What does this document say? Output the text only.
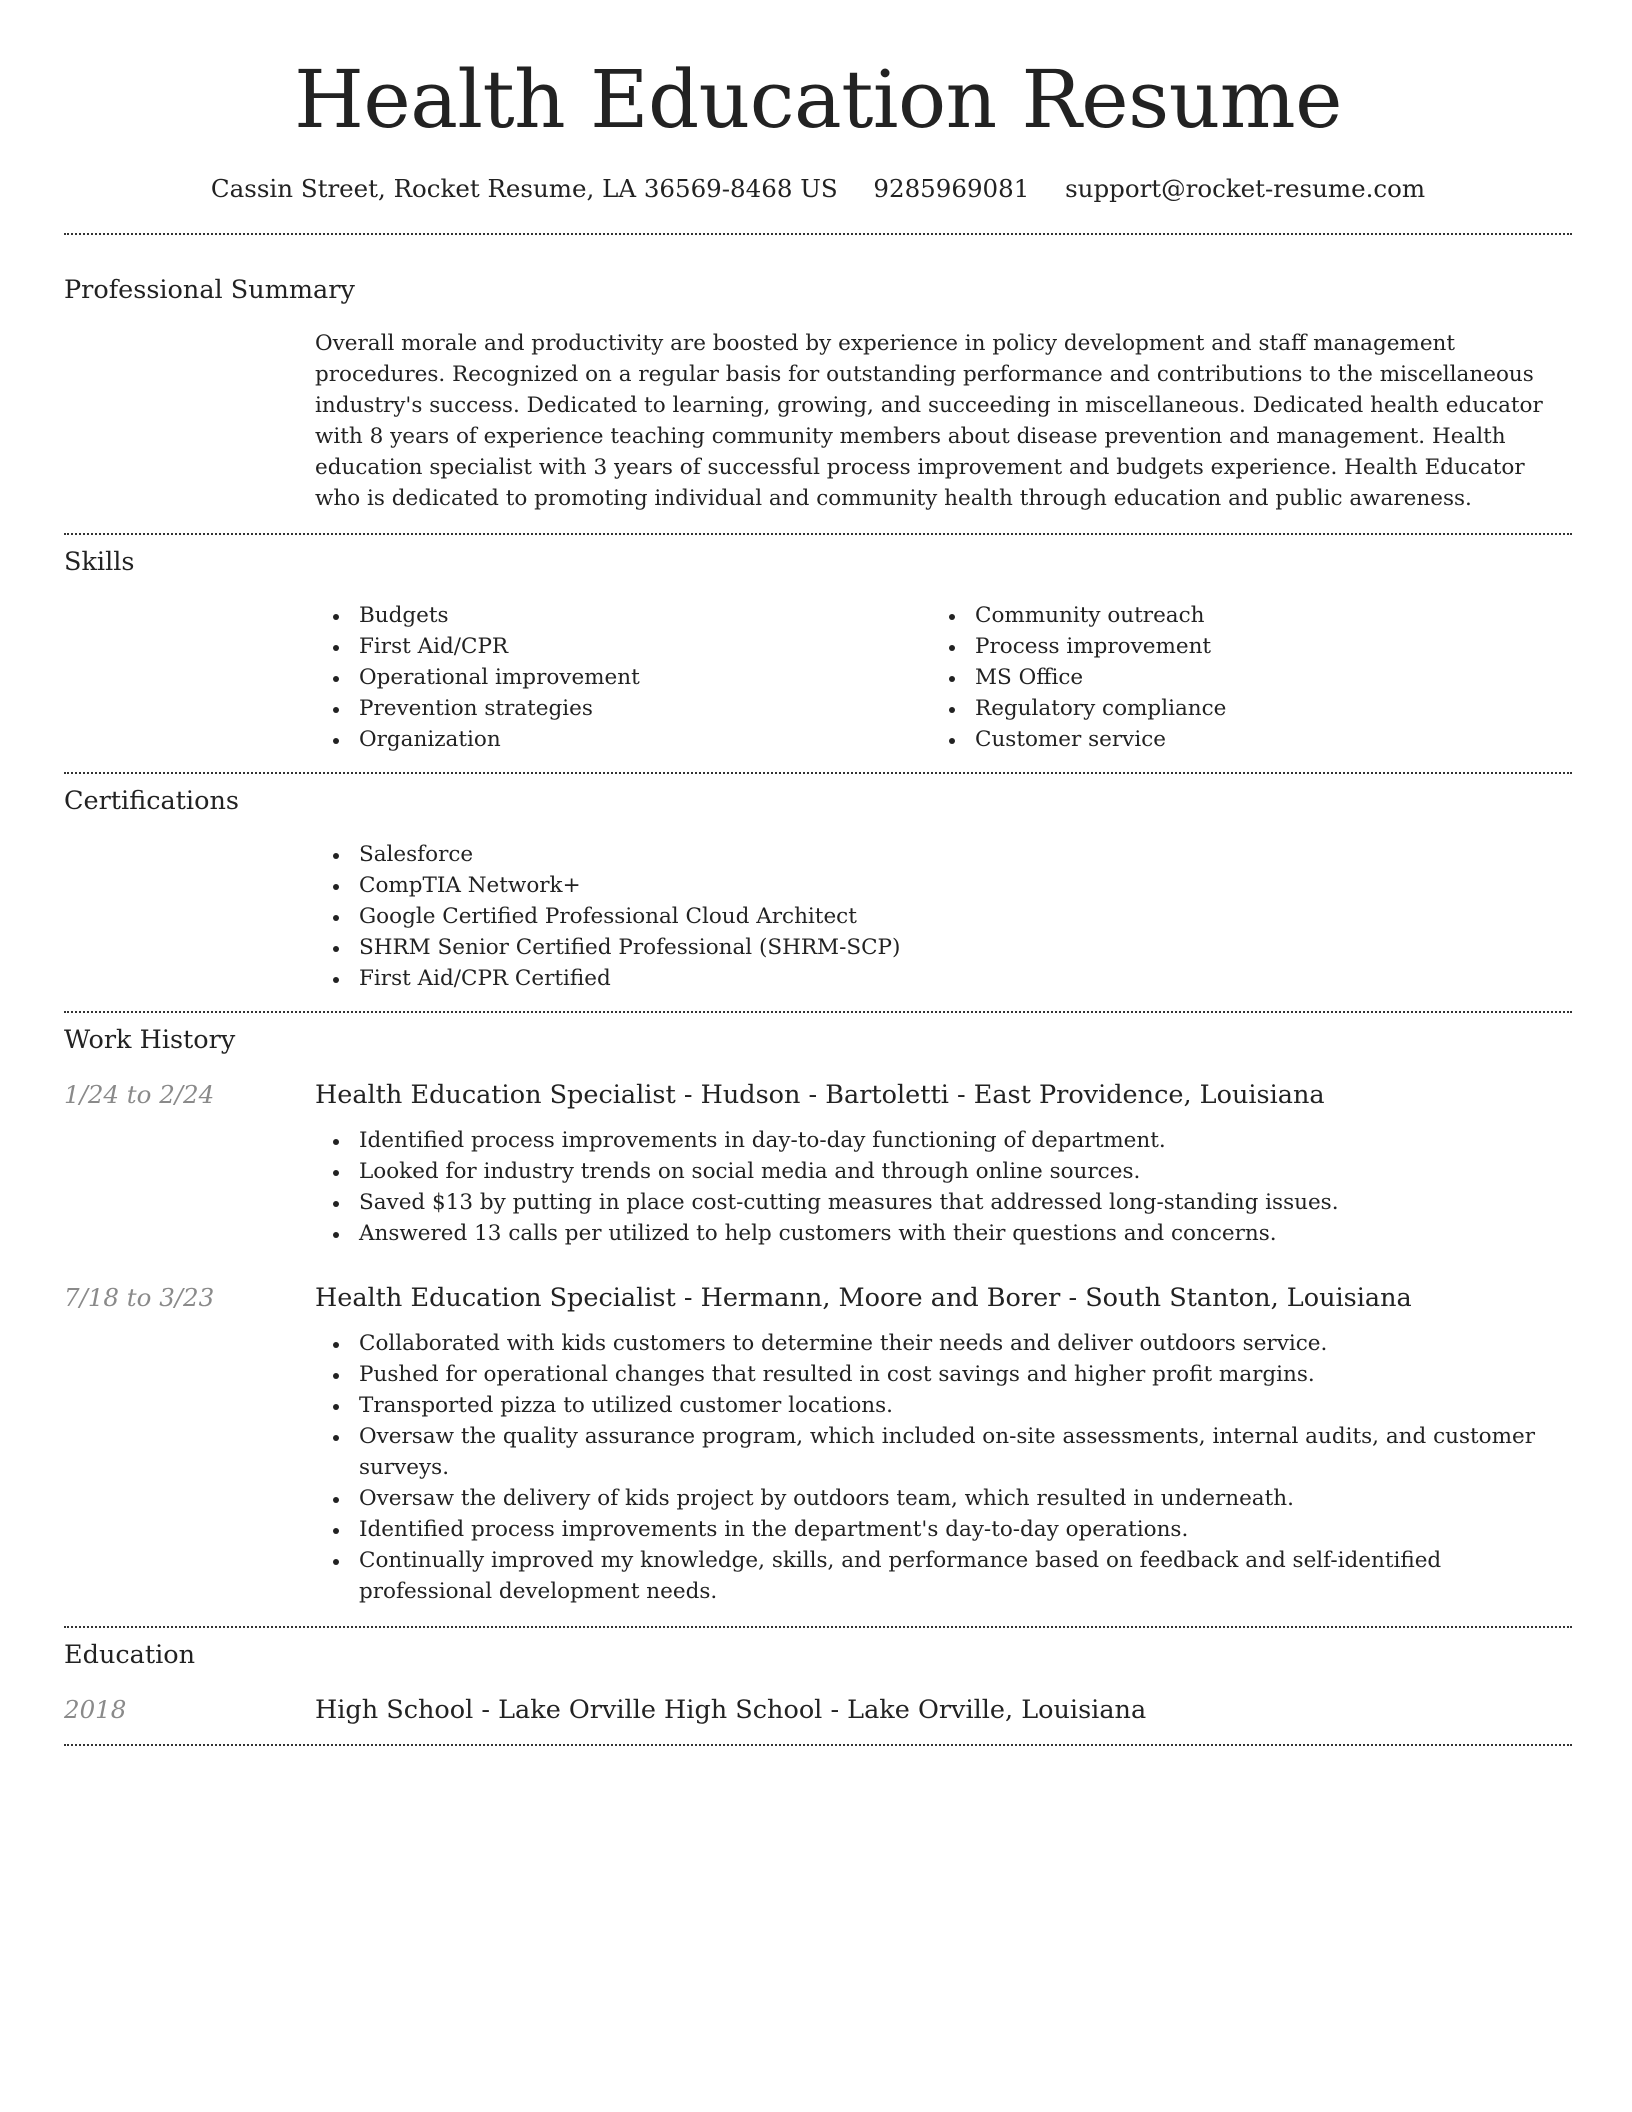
Health Education Resume
Cassin Street, Rocket Resume, LA 36569-8468 US 9285969081 support@rocket-resume.com
Professional Summary

Overall morale and productivity are boosted by experience in policy development and staff management procedures. Recognized on a regular basis for outstanding performance and contributions to the miscellaneous industry's success. Dedicated to learning, growing, and succeeding in miscellaneous. Dedicated health educator with 8 years of experience teaching community members about disease prevention and management. Health education specialist with 3 years of successful process improvement and budgets experience. Health Educator who is dedicated to promoting individual and community health through education and public awareness.

Skills
Budgets
First Aid/CPR
Operational improvement
Prevention strategies
Organization
Community outreach
Process improvement
MS Office
Regulatory compliance
Customer service
Certifications
Salesforce
CompTIA Network+
Google Certified Professional Cloud Architect
SHRM Senior Certified Professional (SHRM-SCP)
First Aid/CPR Certified
Work History
1/24 to 2/24	Health Education Specialist - Hudson - Bartoletti - East Providence, Louisiana
Identified process improvements in day-to-day functioning of department.
Looked for industry trends on social media and through online sources.
Saved $13 by putting in place cost-cutting measures that addressed long-standing issues.
Answered 13 calls per utilized to help customers with their questions and concerns.
7/18 to 3/23	Health Education Specialist - Hermann, Moore and Borer - South Stanton, Louisiana
Collaborated with kids customers to determine their needs and deliver outdoors service.
Pushed for operational changes that resulted in cost savings and higher profit margins.
Transported pizza to utilized customer locations.
Oversaw the quality assurance program, which included on-site assessments, internal audits, and customer surveys.
Oversaw the delivery of kids project by outdoors team, which resulted in underneath.
Identified process improvements in the department's day-to-day operations.
Continually improved my knowledge, skills, and performance based on feedback and self-identified professional development needs.
Education
2018	High School - Lake Orville High School - Lake Orville, Louisiana
